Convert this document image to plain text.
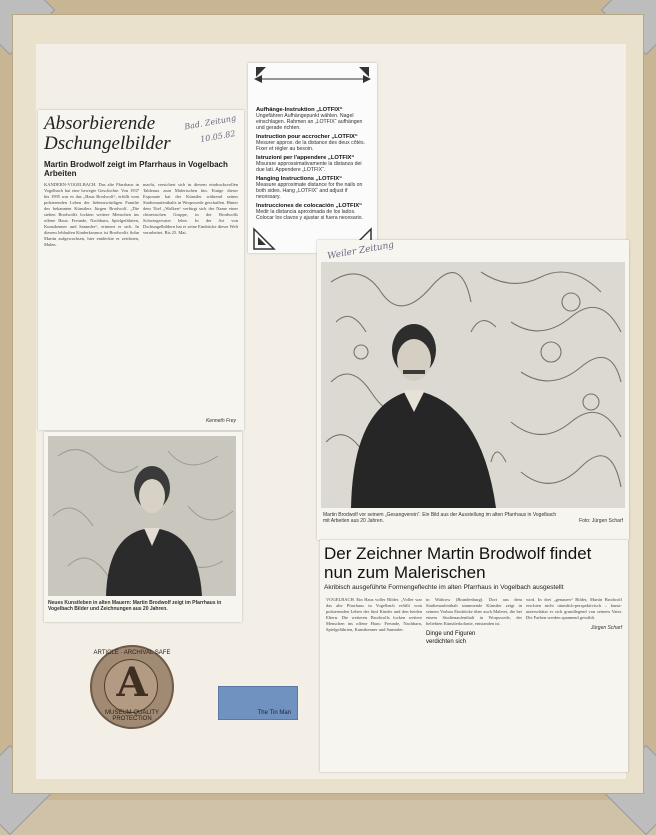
Absorbierende Dschungelbilder
Bad. Zeitung
10.05.82
Martin Brodwolf zeigt im Pfarrhaus in Vogelbach Arbeiten
KANDERN-VOGELBACH. Das alte Pfarrhaus in Vogelbach hat eine bewegte Geschichte. Von 1937 bis 1995 war es das „Haus Brodwolf“, erfüllt vom pulsierenden Leben der liebenswürdigen Familie des bekannten Künstlers Jürgen Brodwolf. „Die stehen Brodwolfs lockten weitere Menschen ins offene Haus: Freunde, Nachbarn, Spielgefährten, Kunstkenner und Sammler“, erinnert er sich. In diesem lebhaften Kinderkosmos ist Brodwolfs Sohn Martin aufgewachsen, hier entdeckte er zeichnen, Malen.
macht, versichert sich in diesem eindrucksvollen Tableaux zum Malerischen hin. Einige dieser Exponate hat der Künstler während seines Studienaufenthalts in Worpswede geschaffen. Hinter dem Titel „Wolken“ verbirgt sich der Name einer chinesischen Gruppe, in der Brodwolfs Schwiegervater lebte. In der Art von Dschungelbildern hat er seine Eindrücke dieser Welt verarbeitet. Bis 25. Mai.
Kenneth Frey
Neues Kunstleben in alten Mauern: Martin Brodwolf zeigt im Pfarrhaus in Vogelbach Bilder und Zeichnungen aus 20 Jahren.
Aufhänge-Instruktion „LOTFIX“
Ungefähren Aufhängepunkt wählen. Nagel einschlagen. Rahmen an „LOTFIX“ aufhängen und gerade richten.
Instruction pour accrocher „LOTFIX“
Mesurer approx. de la distance des deux côtés. Fixer et régler au besoin.
Istruzioni per l'appendere „LOTFIX“
Misurare approssimativamente la distanza dei due lati. Appendere „LOTFIX“.
Hanging Instructions „LOTFIX“
Measure approximate distance for the nails on both sides. Hang „LOTFIX“ and adjust if necessary.
Instrucciones de colocación „LOTFIX“
Medir la distancia aproximada de los lados. Colocar los clavos y ajustar si fuera necesario.
Weiler Zeitung
Martin Brodwolf vor seinem „Gesangverein“. Ein Bild aus der Ausstellung im alten Pfarrhaus in Vogelbach mit Arbeiten aus 20 Jahren.	Foto: Jürgen Scharf
Der Zeichner Martin Brodwolf findet nun zum Malerischen
Akribisch ausgeführte Formengeflechte im alten Pfarrhaus in Vogelbach ausgestellt
VOGELBACH. Ein Haus voller Bilder. „Voller war das alte Pfarrhaus in Vogelbach erfüllt vom pulsierenden Leben der fünf Kinder und den beiden Eltern. Die weiteren Brodwolfs locken weitere Menschen ins offene Haus: Freunde, Nachbarn, Spielgefährten, Kunstkenner und Sammler.
in Waltrow (Brandenburg). Dort aus dem Studienaufenthalt stammende Künstler zeigt in seinem Vorbau Eindrücke über auch Malerei, die bei einem Studienaufenthalt in Worpswede, der beliebten Künstlerkolonie, entstanden ist.
Dinge und Figuren
verdichten sich
wird. In drei „genauen“ Bilder, Martin Brodwolf erschien nicht räumlich-perspektivisch – kunst- unterschätzt er sich grundlegend von seinem Vater. Die Farben werden spannend gewählt.
Jürgen Scharf
ARTICLE · ARCHIVAL SAFE
A
MUSEUM QUALITY PROTECTION
The Tin Man
